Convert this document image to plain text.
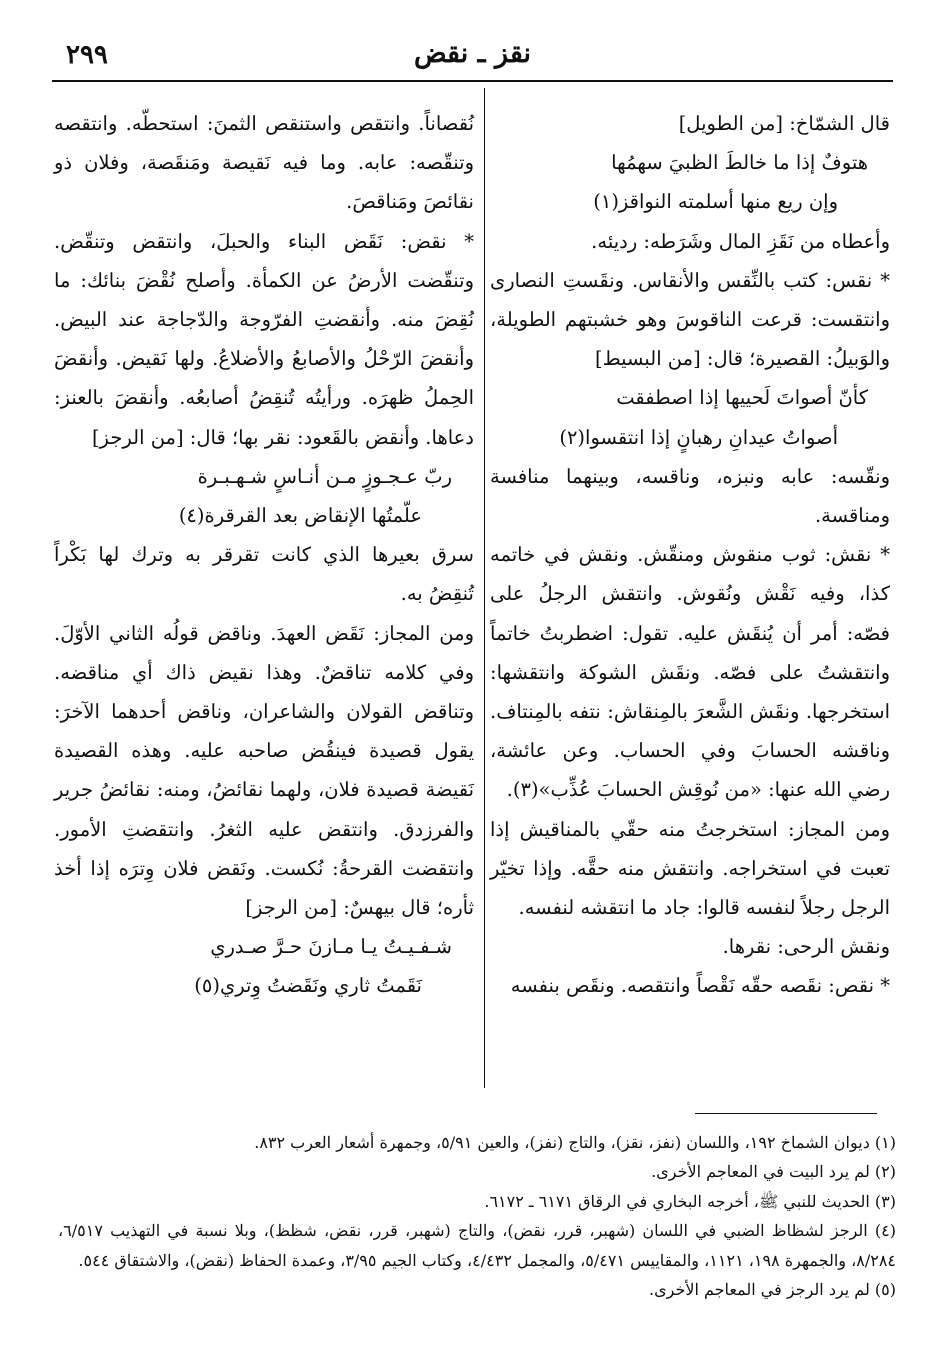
٢٩٩	نقز ـ نقض

قال الشمّاخ: [من الطويل]

هتوفٌ إذا ما خالطَ الظبيَ سهمُها

وإن ريع منها أسلمته النواقز(١)

وأعطاه من نَقَزِ المال وشَرَطه: رديئه.

* نقس: كتب بالنِّقس والأنقاس. ونقَستِ النصارى وانتقست: قرعت الناقوسَ وهو خشبتهم الطويلة، والوَبيلُ: القصيرة؛ قال: [من البسيط]

كأنّ أصواتَ لَحييها إذا اصطفقت

أصواتُ عيدانِ رهبانٍ إذا انتقسوا(٢)

ونقّسه: عابه ونبزه، وناقسه، وبينهما منافسة ومناقسة.

* نقش: ثوب منقوش ومنقّش. ونقش في خاتمه كذا، وفيه نَقْش ونُقوش. وانتقش الرجلُ على فصّه: أمر أن يُنقَش عليه. تقول: اضطربتُ خاتماً وانتقشتُ على فصّه. ونقَش الشوكة وانتقشها: استخرجها. ونقَش الشَّعرَ بالمِنقاش: نتفه بالمِنتاف. وناقشه الحسابَ وفي الحساب. وعن عائشة، رضي الله عنها: «من نُوقِش الحسابَ عُذِّب»(٣).

ومن المجاز: استخرجتُ منه حقّي بالمناقيش إذا تعبت في استخراجه. وانتقش منه حقَّه. وإذا تخيّر الرجل رجلاً لنفسه قالوا: جاد ما انتقشه لنفسه.

ونقش الرحى: نقرها.

* نقص: نقَصه حقّه نَقْصاً وانتقصه. ونقَص بنفسه

نُقصاناً. وانتقص واستنقص الثمنَ: استحطّه. وانتقصه وتنقّصه: عابه. وما فيه نَقيصة ومَنقَصة، وفلان ذو نقائصَ ومَناقصَ.

* نقض: نَقَض البناء والحبلَ، وانتقض وتنقّض. وتنقّضت الأرضُ عن الكمأة. وأصلح نُقْضَ بنائك: ما نُقِضَ منه. وأنقضتِ الفرّوجة والدّجاجة عند البيض. وأنقضَ الرّحْلُ والأصابعُ والأضلاعُ. ولها نَقيض. وأنقضَ الحِملُ ظهرَه. ورأيتُه تُنقِضُ أصابعُه. وأنقضَ بالعنز: دعاها. وأنقض بالقَعود: نقر بها؛ قال: [من الرجز]

ربّ عـجـوزٍ مـن أنـاسٍ شـهـبـرة

علّمتُها الإنقاض بعد القرقرة(٤)

سرق بعيرها الذي كانت تقرقر به وترك لها بَكْراً تُنقِضُ به.

ومن المجاز: نَقَض العهدَ. وناقض قولُه الثاني الأوّلَ. وفي كلامه تناقضٌ. وهذا نقيض ذاك أي مناقضه. وتناقض القولان والشاعران، وناقض أحدهما الآخرَ: يقول قصيدة فينقُض صاحبه عليه. وهذه القصيدة نَقيضة قصيدة فلان، ولهما نقائضُ، ومنه: نقائضُ جرير والفرزدق. وانتقض عليه الثغرُ. وانتقضتِ الأمور. وانتقضت القرحةُ: نُكست. ونَقض فلان وِترَه إذا أخذ ثأره؛ قال بيهسٌ: [من الرجز]

شـفـيـتُ يـا مـازنَ حـرَّ صـدري

نَقَمتُ ثاري ونَقَضتُ وِتري(٥)

(١) ديوان الشماخ ١٩٢، واللسان (نفز، نقز)، والتاج (نفز)، والعين ٥/٩١، وجمهرة أشعار العرب ٨٣٢.

(٢) لم يرد البيت في المعاجم الأخرى.

(٣) الحديث للنبي ﷺ، أخرجه البخاري في الرقاق ٦١٧١ ـ ٦١٧٢.

(٤) الرجز لشظاظ الضبي في اللسان (شهبر، قرر، نقض)، والتاج (شهبر، قرر، نقض، شظظ)، وبلا نسبة في التهذيب ٦/٥١٧، ٨/٢٨٤، والجمهرة ١٩٨، ١١٢١، والمقاييس ٥/٤٧١، والمجمل ٤/٤٣٢، وكتاب الجيم ٣/٩٥، وعمدة الحفاظ (نقض)، والاشتقاق ٥٤٤.

(٥) لم يرد الرجز في المعاجم الأخرى.
